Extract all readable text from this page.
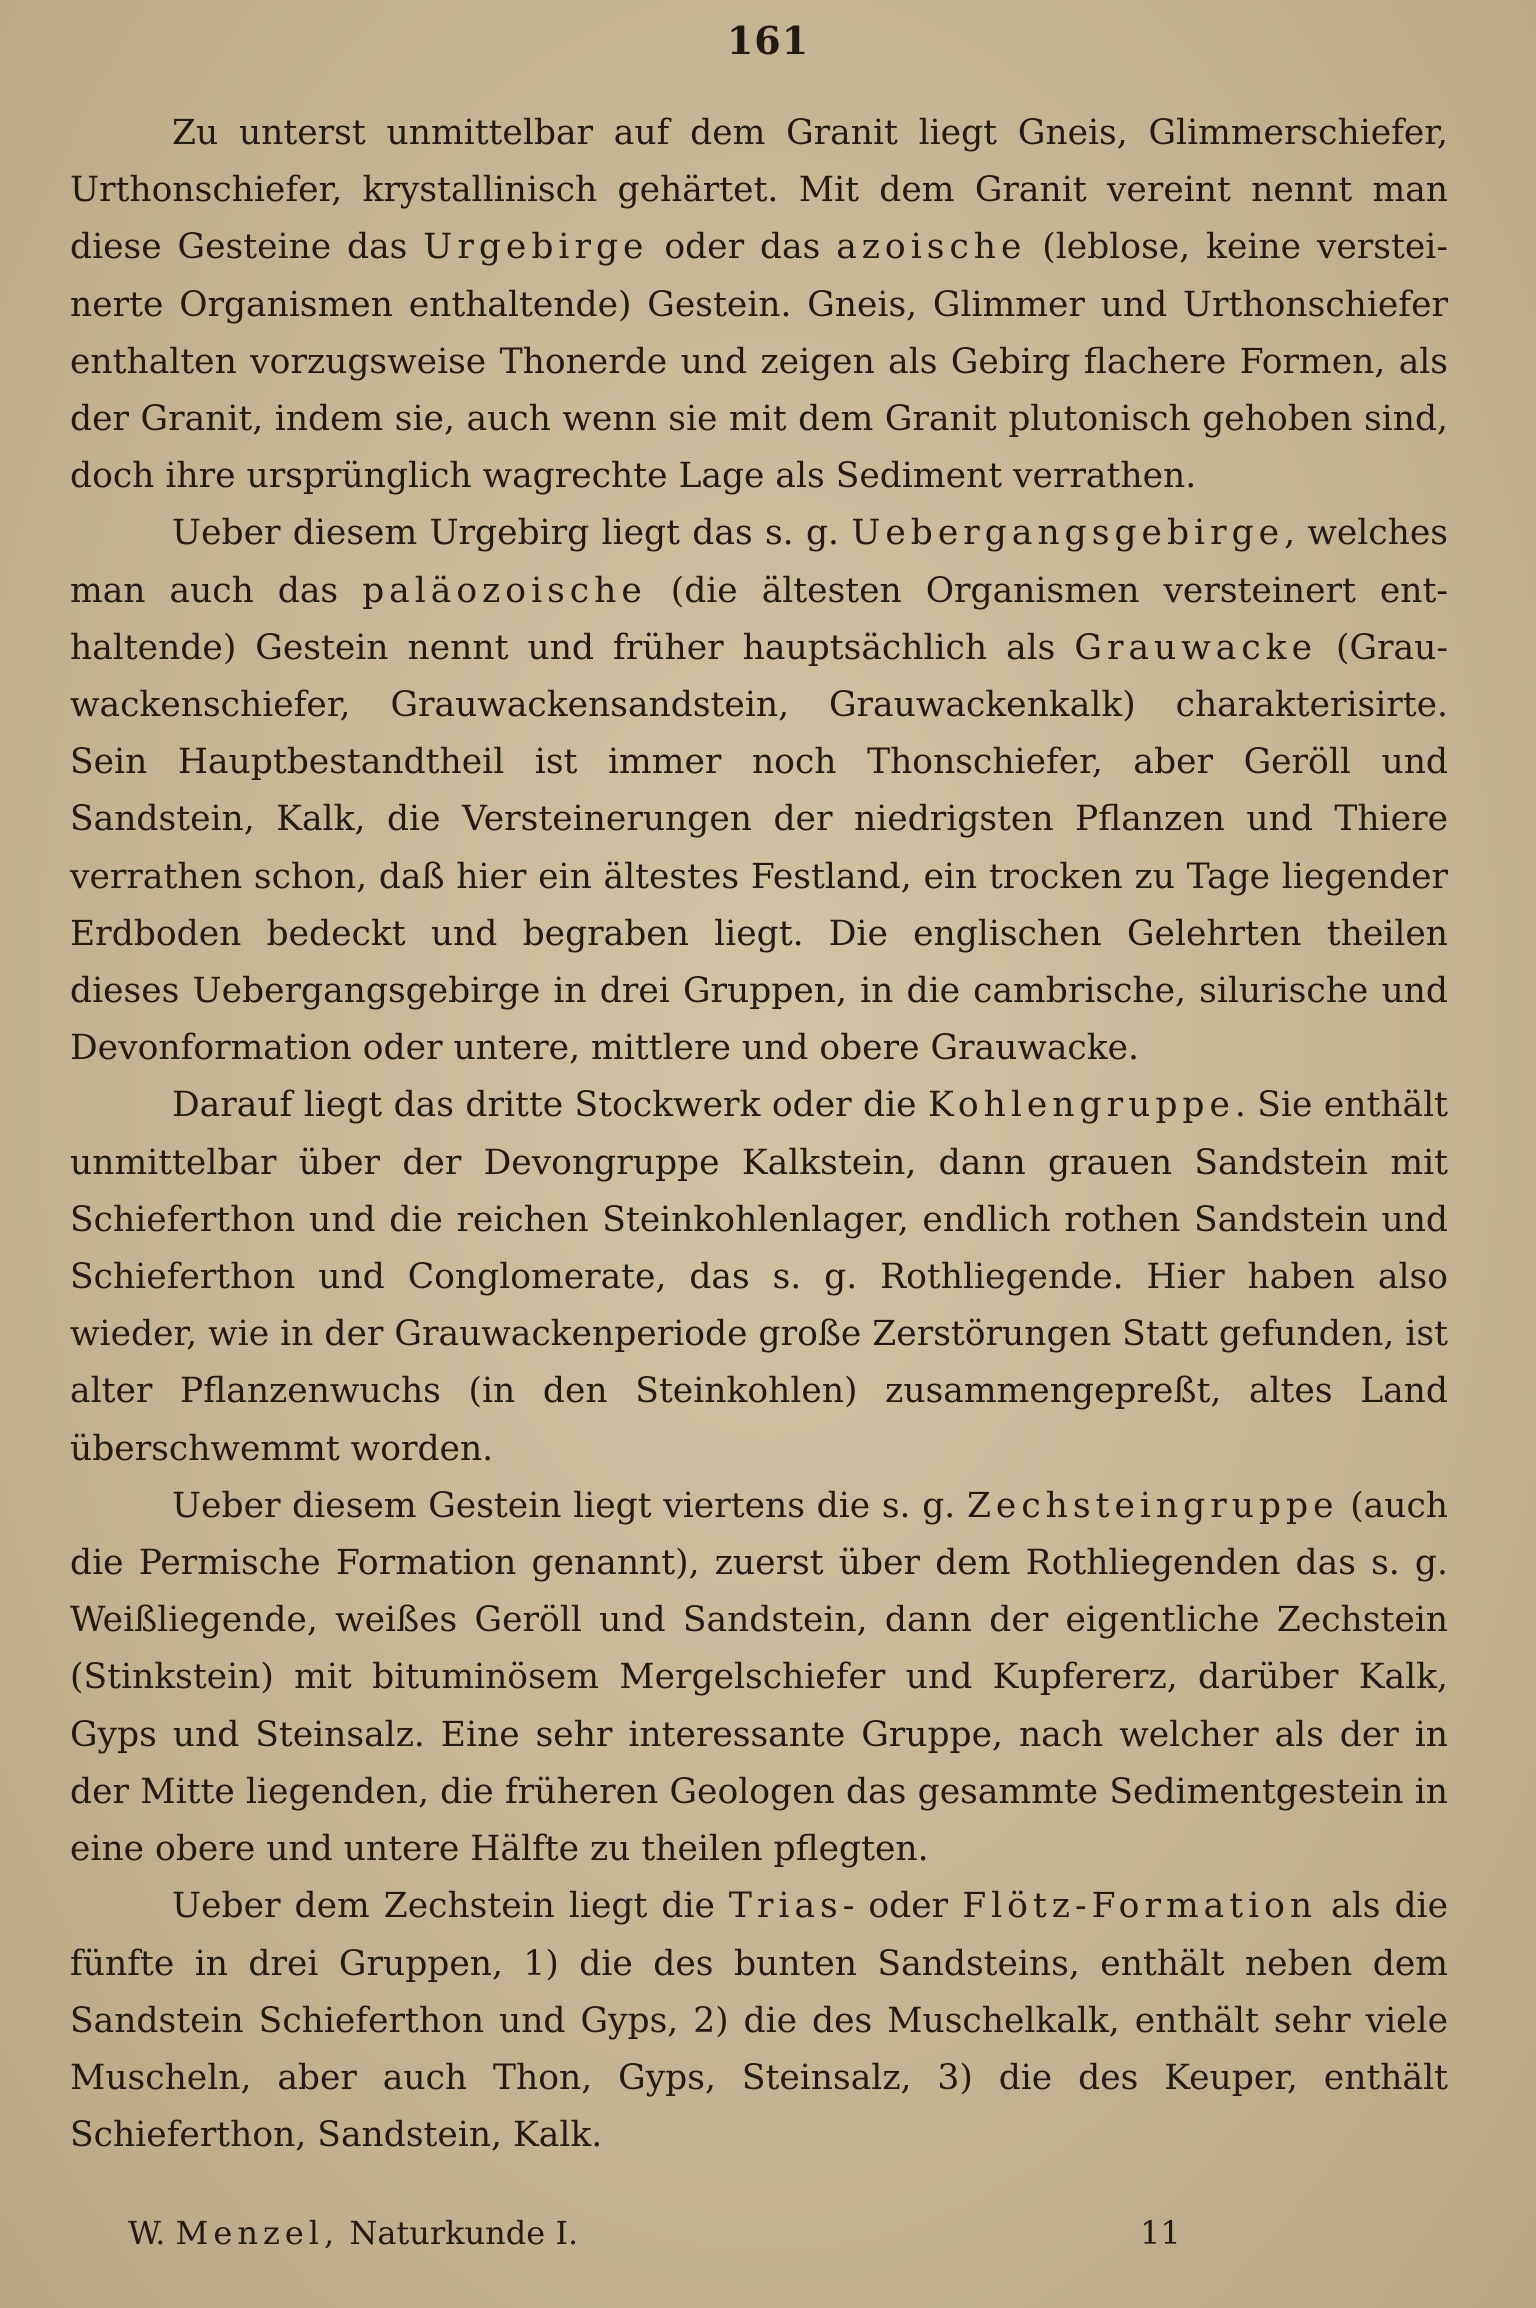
161

Zu unterst unmittelbar auf dem Granit liegt Gneis, Glimmerschiefer, Urthonschiefer, krystallinisch gehärtet. Mit dem Granit vereint nennt man diese Gesteine das Urgebirge oder das azoische (leblose, keine versteinerte Organismen enthaltende) Gestein. Gneis, Glimmer und Urthonschiefer enthalten vorzugsweise Thonerde und zeigen als Gebirg flachere Formen, als der Granit, indem sie, auch wenn sie mit dem Granit plutonisch gehoben sind, doch ihre ursprünglich wagrechte Lage als Sediment verrathen.

Ueber diesem Urgebirg liegt das s. g. Uebergangsgebirge, welches man auch das paläozoische (die ältesten Organismen versteinert enthaltende) Gestein nennt und früher hauptsächlich als Grauwacke (Grauwackenschiefer, Grauwackensandstein, Grauwackenkalk) charakterisirte. Sein Hauptbestandtheil ist immer noch Thonschiefer, aber Geröll und Sandstein, Kalk, die Versteinerungen der niedrigsten Pflanzen und Thiere verrathen schon, daß hier ein ältestes Festland, ein trocken zu Tage liegender Erdboden bedeckt und begraben liegt. Die englischen Gelehrten theilen dieses Uebergangsgebirge in drei Gruppen, in die cambrische, silurische und Devonformation oder untere, mittlere und obere Grauwacke.

Darauf liegt das dritte Stockwerk oder die Kohlengruppe. Sie enthält unmittelbar über der Devongruppe Kalkstein, dann grauen Sandstein mit Schieferthon und die reichen Steinkohlenlager, endlich rothen Sandstein und Schieferthon und Conglomerate, das s. g. Rothliegende. Hier haben also wieder, wie in der Grauwackenperiode große Zerstörungen Statt gefunden, ist alter Pflanzenwuchs (in den Steinkohlen) zusammengepreßt, altes Land überschwemmt worden.

Ueber diesem Gestein liegt viertens die s. g. Zechsteingruppe (auch die Permische Formation genannt), zuerst über dem Rothliegenden das s. g. Weißliegende, weißes Geröll und Sandstein, dann der eigentliche Zechstein (Stinkstein) mit bituminösem Mergelschiefer und Kupfererz, darüber Kalk, Gyps und Steinsalz. Eine sehr interessante Gruppe, nach welcher als der in der Mitte liegenden, die früheren Geologen das gesammte Sedimentgestein in eine obere und untere Hälfte zu theilen pflegten.

Ueber dem Zechstein liegt die Trias- oder Flötz-Formation als die fünfte in drei Gruppen, 1) die des bunten Sandsteins, enthält neben dem Sandstein Schieferthon und Gyps, 2) die des Muschelkalk, enthält sehr viele Muscheln, aber auch Thon, Gyps, Steinsalz, 3) die des Keuper, enthält Schieferthon, Sandstein, Kalk.

W. Menzel, Naturkunde I.	11
